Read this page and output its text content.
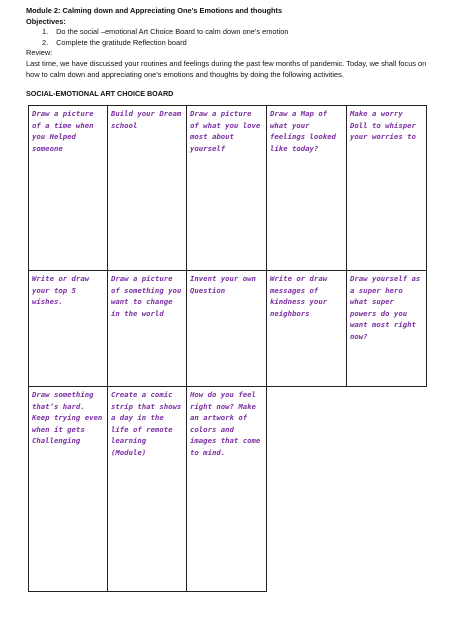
Module 2: Calming down and Appreciating One’s Emotions and thoughts
Objectives:
1. Do the social –emotional Art Choice Board to calm down one’s emotion
2. Complete the gratitude Reflection board
Review:
Last time, we have discussed your routines and feelings during the past few months of pandemic. Today, we shall focus on how to calm down and appreciating one’s emotions and thoughts by doing the following activities.
SOCIAL-EMOTIONAL ART CHOICE BOARD
Draw a picture of a time when you Helped someone	Build your Dream school	Draw a picture of what you love most about yourself	Draw a Map of what your feelings looked like today?	Make a worry Doll to whisper your worries to
Write or draw your top 5 wishes.	Draw a picture of something you want to change in the world	Invent your own Question	Write or draw messages of kindness your neighbors	Draw yourself as a super hero what super powers do you want most right now?
Draw something that’s hard. Keep trying even when it gets Challenging	Create a comic strip that shows a day in the life of remote learning (Module)	How do you feel right now? Make an artwork of colors and images that come to mind.		
